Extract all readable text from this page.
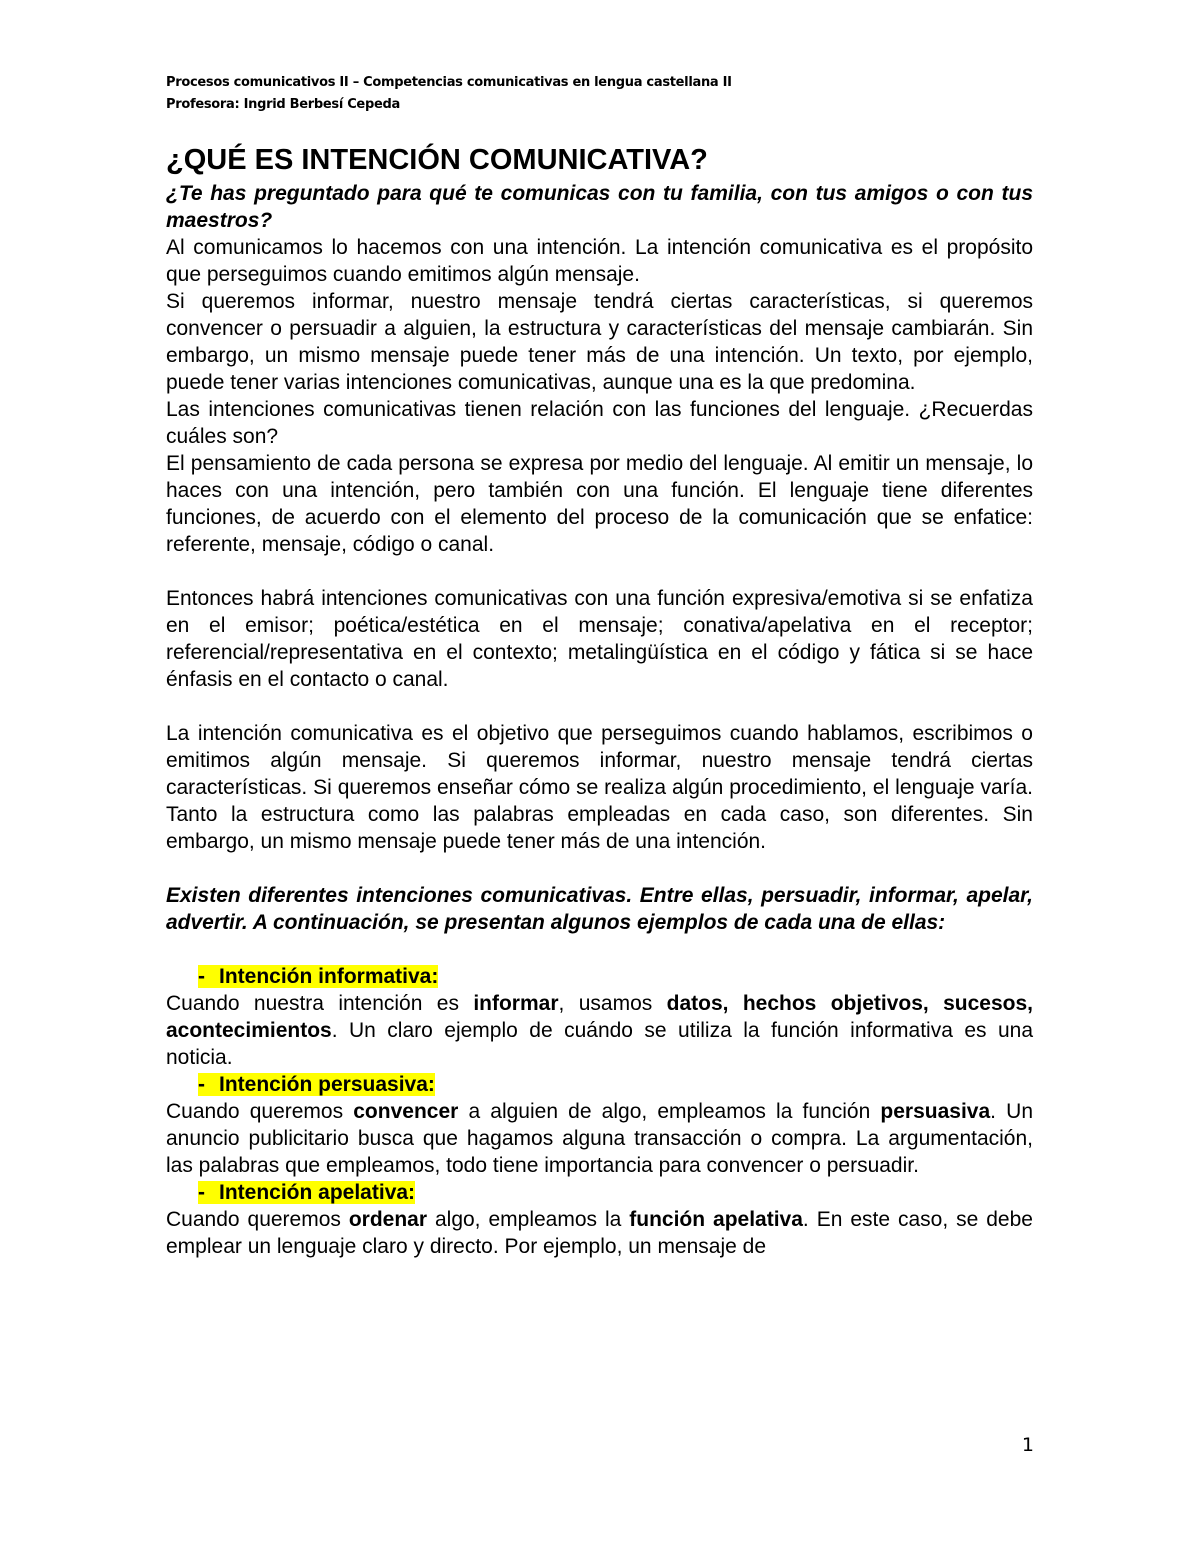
Procesos comunicativos II – Competencias comunicativas en lengua castellana II
Profesora: Ingrid Berbesí Cepeda
¿QUÉ ES INTENCIÓN COMUNICATIVA?

¿Te has preguntado para qué te comunicas con tu familia, con tus amigos o con tus maestros?

Al comunicamos lo hacemos con una intención. La intención comunicativa es el propósito que perseguimos cuando emitimos algún mensaje.

Si queremos informar, nuestro mensaje tendrá ciertas características, si queremos convencer o persuadir a alguien, la estructura y características del mensaje cambiarán. Sin embargo, un mismo mensaje puede tener más de una intención. Un texto, por ejemplo, puede tener varias intenciones comunicativas, aunque una es la que predomina.

Las intenciones comunicativas tienen relación con las funciones del lenguaje. ¿Recuerdas cuáles son?

El pensamiento de cada persona se expresa por medio del lenguaje. Al emitir un mensaje, lo haces con una intención, pero también con una función. El lenguaje tiene diferentes funciones, de acuerdo con el elemento del proceso de la comunicación que se enfatice: referente, mensaje, código o canal.

Entonces habrá intenciones comunicativas con una función expresiva/emotiva si se enfatiza en el emisor; poética/estética en el mensaje; conativa/apelativa en el receptor; referencial/representativa en el contexto; metalingüística en el código y fática si se hace énfasis en el contacto o canal.

La intención comunicativa es el objetivo que perseguimos cuando hablamos, escribimos o emitimos algún mensaje. Si queremos informar, nuestro mensaje tendrá ciertas características. Si queremos enseñar cómo se realiza algún procedimiento, el lenguaje varía. Tanto la estructura como las palabras empleadas en cada caso, son diferentes. Sin embargo, un mismo mensaje puede tener más de una intención.

Existen diferentes intenciones comunicativas. Entre ellas, persuadir, informar, apelar, advertir. A continuación, se presentan algunos ejemplos de cada una de ellas:

- Intención informativa:

Cuando nuestra intención es informar, usamos datos, hechos objetivos, sucesos, acontecimientos. Un claro ejemplo de cuándo se utiliza la función informativa es una noticia.

- Intención persuasiva:

Cuando queremos convencer a alguien de algo, empleamos la función persuasiva. Un anuncio publicitario busca que hagamos alguna transacción o compra. La argumentación, las palabras que empleamos, todo tiene importancia para convencer o persuadir.

- Intención apelativa:

Cuando queremos ordenar algo, empleamos la función apelativa. En este caso, se debe emplear un lenguaje claro y directo. Por ejemplo, un mensaje de

1
